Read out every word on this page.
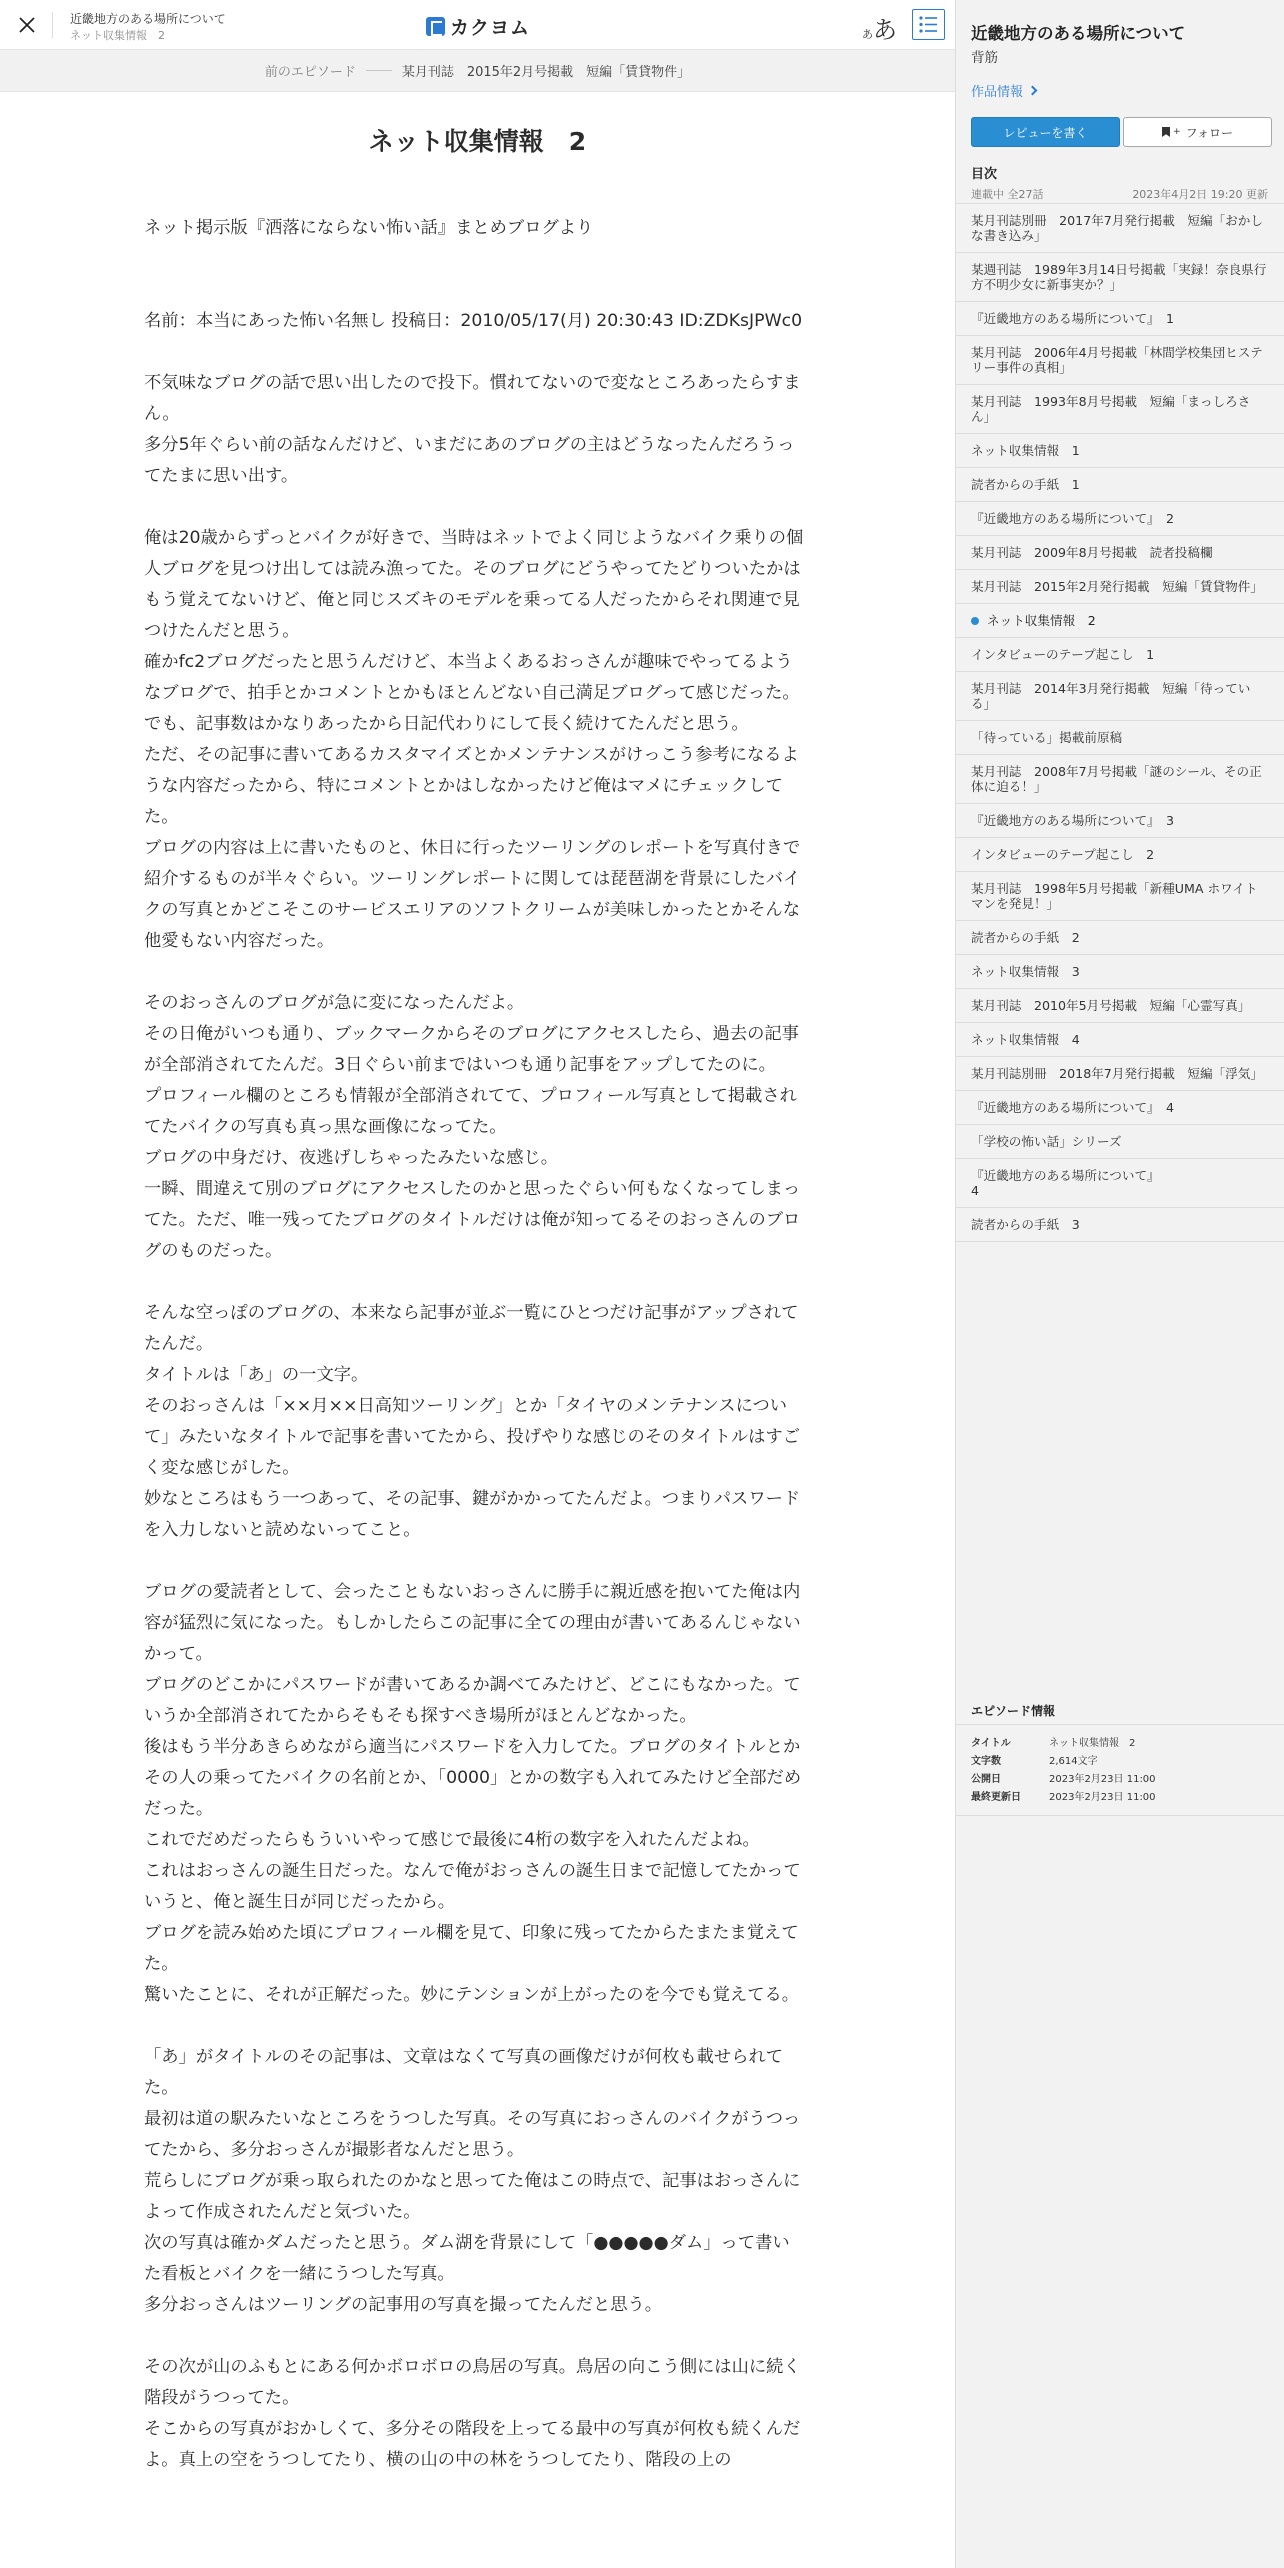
近畿地方のある場所について
ネット収集情報　2	カクヨム	ああ
前のエピソード	某月刊誌　2015年2月号掲載　短編「賃貸物件」
ネット収集情報　2

ネット掲示版『洒落にならない怖い話』まとめブログより

名前：本当にあった怖い名無し 投稿日：2010/05/17(月) 20:30:43 ID:ZDKsJPWc0

不気味なブログの話で思い出したので投下。慣れてないので変なところあったらすまん。

多分5年ぐらい前の話なんだけど、いまだにあのブログの主はどうなったんだろうってたまに思い出す。

俺は20歳からずっとバイクが好きで、当時はネットでよく同じようなバイク乗りの個人ブログを見つけ出しては読み漁ってた。そのブログにどうやってたどりついたかはもう覚えてないけど、俺と同じスズキのモデルを乗ってる人だったからそれ関連で見つけたんだと思う。

確かfc2ブログだったと思うんだけど、本当よくあるおっさんが趣味でやってるようなブログで、拍手とかコメントとかもほとんどない自己満足ブログって感じだった。でも、記事数はかなりあったから日記代わりにして長く続けてたんだと思う。

ただ、その記事に書いてあるカスタマイズとかメンテナンスがけっこう参考になるような内容だったから、特にコメントとかはしなかったけど俺はマメにチェックしてた。

ブログの内容は上に書いたものと、休日に行ったツーリングのレポートを写真付きで紹介するものが半々ぐらい。ツーリングレポートに関しては琵琶湖を背景にしたバイクの写真とかどこそこのサービスエリアのソフトクリームが美味しかったとかそんな他愛もない内容だった。

そのおっさんのブログが急に変になったんだよ。

その日俺がいつも通り、ブックマークからそのブログにアクセスしたら、過去の記事が全部消されてたんだ。3日ぐらい前まではいつも通り記事をアップしてたのに。

プロフィール欄のところも情報が全部消されてて、プロフィール写真として掲載されてたバイクの写真も真っ黒な画像になってた。

ブログの中身だけ、夜逃げしちゃったみたいな感じ。

一瞬、間違えて別のブログにアクセスしたのかと思ったぐらい何もなくなってしまってた。ただ、唯一残ってたブログのタイトルだけは俺が知ってるそのおっさんのブログのものだった。

そんな空っぽのブログの、本来なら記事が並ぶ一覧にひとつだけ記事がアップされてたんだ。

タイトルは「あ」の一文字。

そのおっさんは「××月××日高知ツーリング」とか「タイヤのメンテナンスについて」みたいなタイトルで記事を書いてたから、投げやりな感じのそのタイトルはすごく変な感じがした。

妙なところはもう一つあって、その記事、鍵がかかってたんだよ。つまりパスワードを入力しないと読めないってこと。

ブログの愛読者として、会ったこともないおっさんに勝手に親近感を抱いてた俺は内容が猛烈に気になった。もしかしたらこの記事に全ての理由が書いてあるんじゃないかって。

ブログのどこかにパスワードが書いてあるか調べてみたけど、どこにもなかった。ていうか全部消されてたからそもそも探すべき場所がほとんどなかった。

後はもう半分あきらめながら適当にパスワードを入力してた。ブログのタイトルとかその人の乗ってたバイクの名前とか、「0000」とかの数字も入れてみたけど全部だめだった。

これでだめだったらもういいやって感じで最後に4桁の数字を入れたんだよね。

これはおっさんの誕生日だった。なんで俺がおっさんの誕生日まで記憶してたかっていうと、俺と誕生日が同じだったから。

ブログを読み始めた頃にプロフィール欄を見て、印象に残ってたからたまたま覚えてた。

驚いたことに、それが正解だった。妙にテンションが上がったのを今でも覚えてる。

「あ」がタイトルのその記事は、文章はなくて写真の画像だけが何枚も載せられてた。

最初は道の駅みたいなところをうつした写真。その写真におっさんのバイクがうつってたから、多分おっさんが撮影者なんだと思う。

荒らしにブログが乗っ取られたのかなと思ってた俺はこの時点で、記事はおっさんによって作成されたんだと気づいた。

次の写真は確かダムだったと思う。ダム湖を背景にして「●●●●●ダム」って書いた看板とバイクを一緒にうつした写真。

多分おっさんはツーリングの記事用の写真を撮ってたんだと思う。

その次が山のふもとにある何かボロボロの鳥居の写真。鳥居の向こう側には山に続く階段がうつってた。

そこからの写真がおかしくて、多分その階段を上ってる最中の写真が何枚も続くんだよ。真上の空をうつしてたり、横の山の中の林をうつしてたり、階段の上の

近畿地方のある場所について
背筋
作品情報
レビューを書く	+ フォロー
目次
連載中 全27話	2023年4月2日 19:20 更新
某月刊誌別冊　2017年7月発行掲載　短編「おかしな書き込み」
某週刊誌　1989年3月14日号掲載「実録！奈良県行方不明少女に新事実か？」
『近畿地方のある場所について』　1
某月刊誌　2006年4月号掲載「林間学校集団ヒステリー事件の真相」
某月刊誌　1993年8月号掲載　短編「まっしろさん」
ネット収集情報　1
読者からの手紙　1
『近畿地方のある場所について』　2
某月刊誌　2009年8月号掲載　読者投稿欄
某月刊誌　2015年2月発行掲載　短編「賃貸物件」
ネット収集情報　2
インタビューのテープ起こし　1
某月刊誌　2014年3月発行掲載　短編「待っている」
「待っている」掲載前原稿
某月刊誌　2008年7月号掲載「謎のシール、その正体に迫る！」
『近畿地方のある場所について』　3
インタビューのテープ起こし　2
某月刊誌　1998年5月号掲載「新種UMA ホワイトマンを発見！」
読者からの手紙　2
ネット収集情報　3
某月刊誌　2010年5月号掲載　短編「心霊写真」
ネット収集情報　4
某月刊誌別冊　2018年7月発行掲載　短編「浮気」
『近畿地方のある場所について』　4
「学校の怖い話」シリーズ
『近畿地方のある場所について』
4
読者からの手紙　3
エピソード情報
タイトル	ネット収集情報　2
文字数	2,614文字
公開日	2023年2月23日 11:00
最終更新日	2023年2月23日 11:00
